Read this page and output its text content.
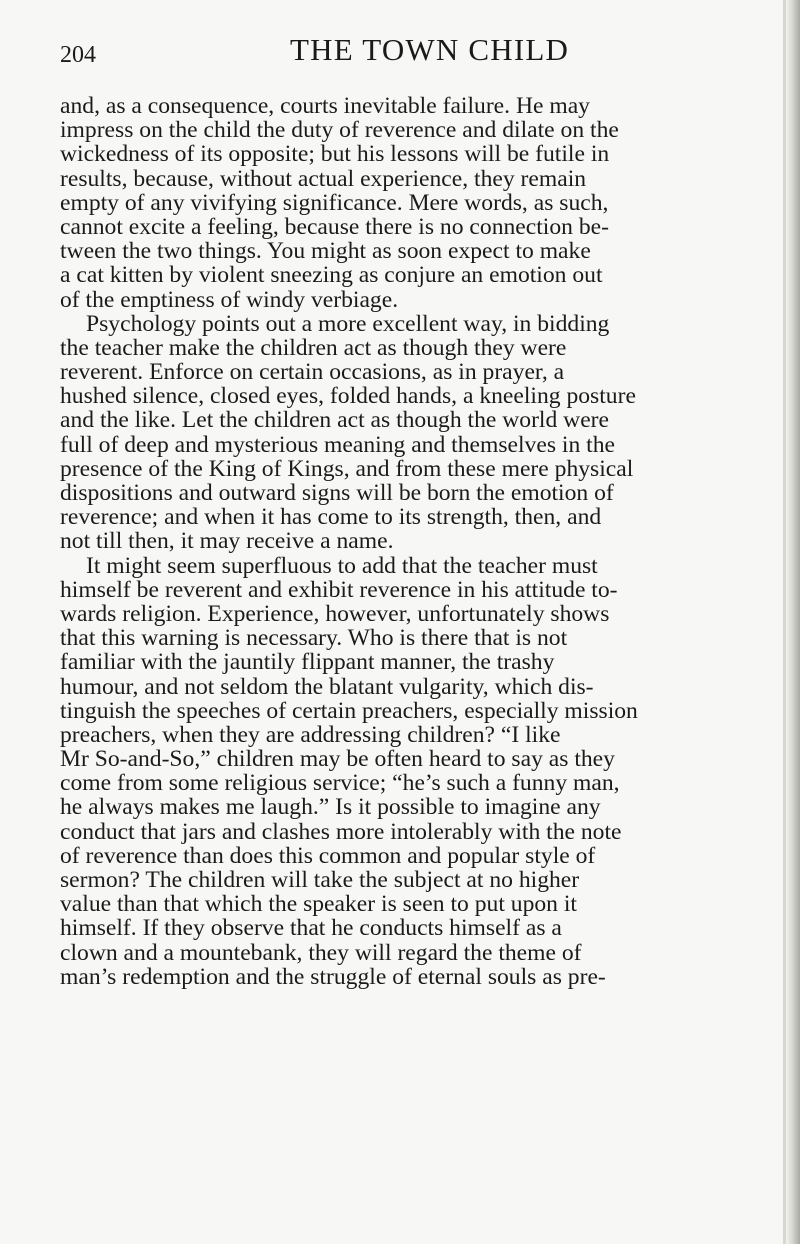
204	THE TOWN CHILD
and, as a consequence, courts inevitable failure. He may
impress on the child the duty of reverence and dilate on the
wickedness of its opposite; but his lessons will be futile in
results, because, without actual experience, they remain
empty of any vivifying significance. Mere words, as such,
cannot excite a feeling, because there is no connection be-
tween the two things. You might as soon expect to make
a cat kitten by violent sneezing as conjure an emotion out
of the emptiness of windy verbiage.
Psychology points out a more excellent way, in bidding
the teacher make the children act as though they were
reverent. Enforce on certain occasions, as in prayer, a
hushed silence, closed eyes, folded hands, a kneeling posture
and the like. Let the children act as though the world were
full of deep and mysterious meaning and themselves in the
presence of the King of Kings, and from these mere physical
dispositions and outward signs will be born the emotion of
reverence; and when it has come to its strength, then, and
not till then, it may receive a name.
It might seem superfluous to add that the teacher must
himself be reverent and exhibit reverence in his attitude to-
wards religion. Experience, however, unfortunately shows
that this warning is necessary. Who is there that is not
familiar with the jauntily flippant manner, the trashy
humour, and not seldom the blatant vulgarity, which dis-
tinguish the speeches of certain preachers, especially mission
preachers, when they are addressing children? “I like
Mr So-and-So,” children may be often heard to say as they
come from some religious service; “he’s such a funny man,
he always makes me laugh.” Is it possible to imagine any
conduct that jars and clashes more intolerably with the note
of reverence than does this common and popular style of
sermon? The children will take the subject at no higher
value than that which the speaker is seen to put upon it
himself. If they observe that he conducts himself as a
clown and a mountebank, they will regard the theme of
man’s redemption and the struggle of eternal souls as pre-
